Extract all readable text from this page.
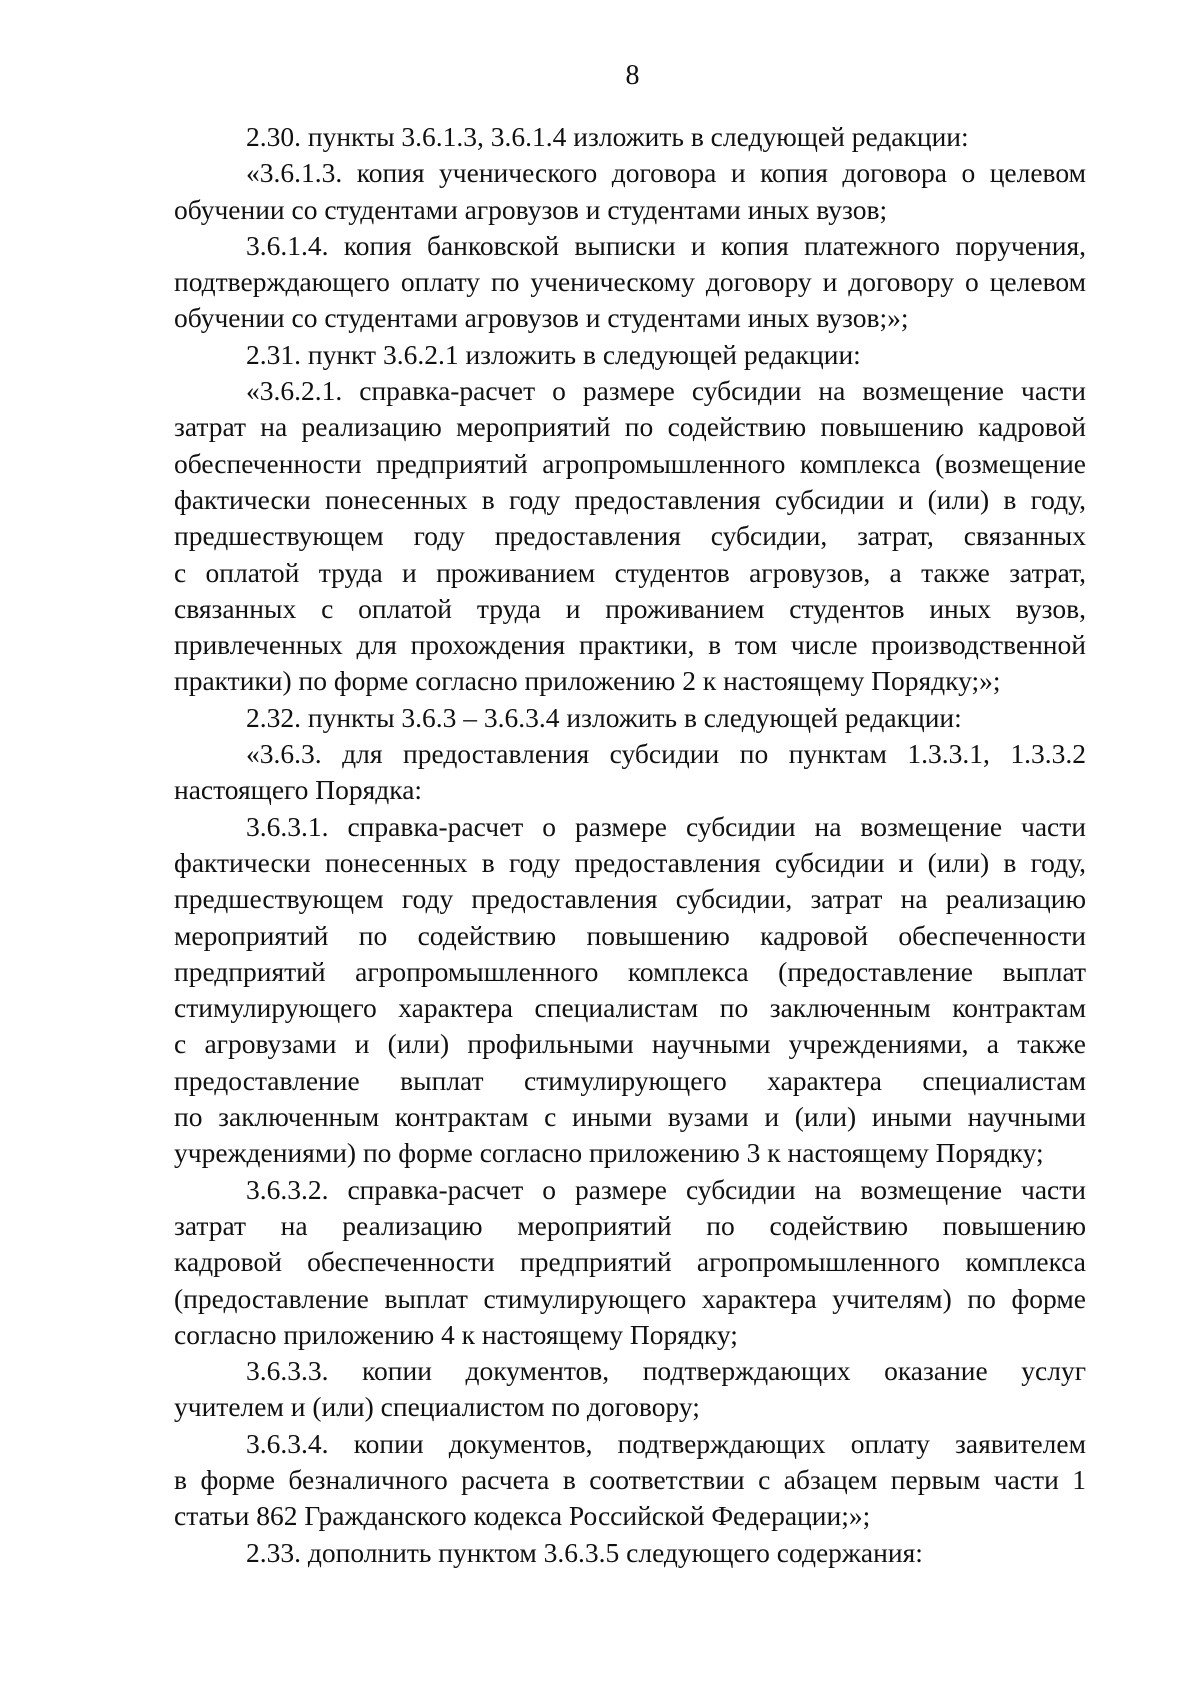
8
2.30. пункты 3.6.1.3, 3.6.1.4 изложить в следующей редакции:
«3.6.1.3. копия ученического договора и копия договора о целевом
обучении со студентами агровузов и студентами иных вузов;
3.6.1.4. копия банковской выписки и копия платежного поручения,
подтверждающего оплату по ученическому договору и договору о целевом
обучении со студентами агровузов и студентами иных вузов;»;
2.31. пункт 3.6.2.1 изложить в следующей редакции:
«3.6.2.1. справка-расчет о размере субсидии на возмещение части
затрат на реализацию мероприятий по содействию повышению кадровой
обеспеченности предприятий агропромышленного комплекса (возмещение
фактически понесенных в году предоставления субсидии и (или) в году,
предшествующем году предоставления субсидии, затрат, связанных
с оплатой труда и проживанием студентов агровузов, а также затрат,
связанных с оплатой труда и проживанием студентов иных вузов,
привлеченных для прохождения практики, в том числе производственной
практики) по форме согласно приложению 2 к настоящему Порядку;»;
2.32. пункты 3.6.3 – 3.6.3.4 изложить в следующей редакции:
«3.6.3. для предоставления субсидии по пунктам 1.3.3.1, 1.3.3.2
настоящего Порядка:
3.6.3.1. справка-расчет о размере субсидии на возмещение части
фактически понесенных в году предоставления субсидии и (или) в году,
предшествующем году предоставления субсидии, затрат на реализацию
мероприятий по содействию повышению кадровой обеспеченности
предприятий агропромышленного комплекса (предоставление выплат
стимулирующего характера специалистам по заключенным контрактам
с агровузами и (или) профильными научными учреждениями, а также
предоставление выплат стимулирующего характера специалистам
по заключенным контрактам с иными вузами и (или) иными научными
учреждениями) по форме согласно приложению 3 к настоящему Порядку;
3.6.3.2. справка-расчет о размере субсидии на возмещение части
затрат на реализацию мероприятий по содействию повышению
кадровой обеспеченности предприятий агропромышленного комплекса
(предоставление выплат стимулирующего характера учителям) по форме
согласно приложению 4 к настоящему Порядку;
3.6.3.3. копии документов, подтверждающих оказание услуг
учителем и (или) специалистом по договору;
3.6.3.4. копии документов, подтверждающих оплату заявителем
в форме безналичного расчета в соответствии с абзацем первым части 1
статьи 862 Гражданского кодекса Российской Федерации;»;
2.33. дополнить пунктом 3.6.3.5 следующего содержания:
